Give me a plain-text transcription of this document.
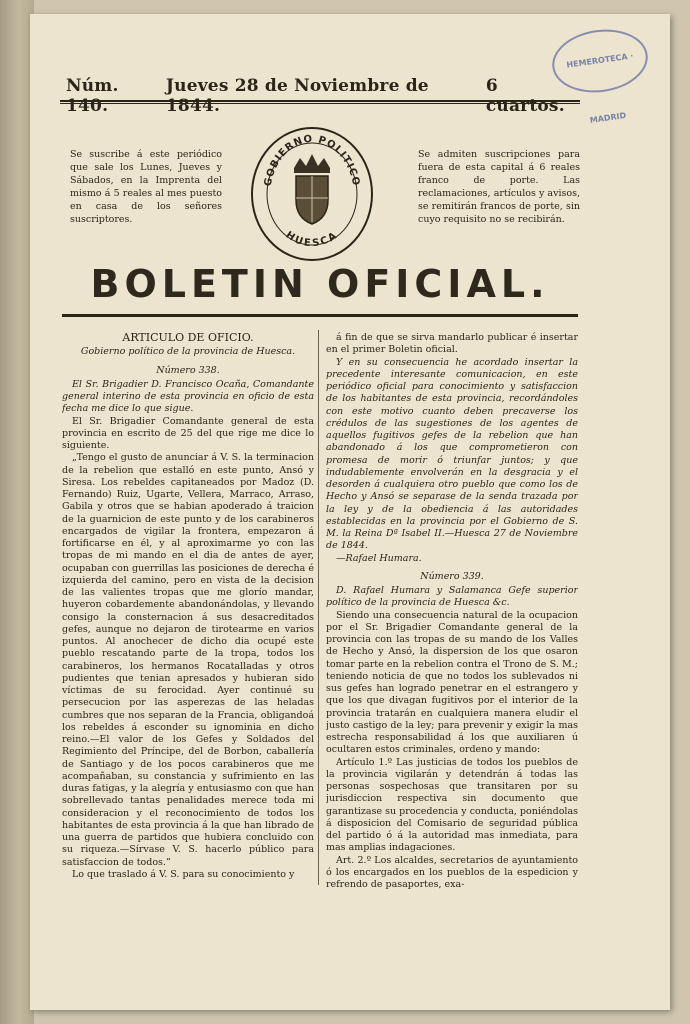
HEMEROTECA · MADRID
Núm. 140.
Jueves 28 de Noviembre de 1844.
6 cuartos.
Se suscribe á este periódico que sale los Lunes, Jueves y Sábados, en la Imprenta del mismo á 5 reales al mes puesto en casa de los señores suscriptores.
GOBIERNO POLITICO
HUESCA
Se admiten suscripciones para fuera de esta capital á 6 reales franco de porte. Las reclamaciones, artículos y avisos, se remitirán francos de porte, sin cuyo requisito no se recibirán.
BOLETIN OFICIAL.
ARTICULO DE OFICIO.
Gobierno político de la provincia de Huesca.
Número 338.

El Sr. Brigadier D. Francisco Ocaña, Comandante general interino de esta provincia en oficio de esta fecha me dice lo que sigue.

El Sr. Brigadier Comandante general de esta provincia en escrito de 25 del que rige me dice lo siguiente.

„Tengo el gusto de anunciar á V. S. la terminacion de la rebelion que estalló en este punto, Ansó y Siresa. Los rebeldes capitaneados por Madoz (D. Fernando) Ruiz, Ugarte, Vellera, Marraco, Arraso, Gabila y otros que se habian apoderado á traicion de la guarnicion de este punto y de los carabineros encargados de vigilar la frontera, empezaron á fortificarse en él, y al aproximarme yo con las tropas de mi mando en el dia de antes de ayer, ocupaban con guerrillas las posiciones de derecha é izquierda del camino, pero en vista de la decision de las valientes tropas que me glorío mandar, huyeron cobardemente abandonándolas, y llevando consigo la consternacion á sus desacreditados gefes, aunque no dejaron de tirotearme en varios puntos. Al anochecer de dicho dia ocupé este pueblo rescatando parte de la tropa, todos los carabineros, los hermanos Rocatalladas y otros pudientes que tenian apresados y hubieran sido víctimas de su ferocidad. Ayer continué su persecucion por las asperezas de las heladas cumbres que nos separan de la Francia, obligandoá los rebeldes á esconder su ignominia en dicho reino.—El valor de los Gefes y Soldados del Regimiento del Príncipe, del de Borbon, caballería de Santiago y de los pocos carabineros que me acompañaban, su constancia y sufrimiento en las duras fatigas, y la alegría y entusiasmo con que han sobrellevado tantas penalidades merece toda mi consideracion y el reconocimiento de todos los habitantes de esta provincia á la que han librado de una guerra de partidos que hubiera concluido con su riqueza.—Sírvase V. S. hacerlo público para satisfaccion de todos.”

Lo que traslado á V. S. para su conocimiento y

á fin de que se sirva mandarlo publicar é insertar en el primer Boletin oficial.

Y en su consecuencia he acordado insertar la precedente interesante comunicacion, en este periódico oficial para conocimiento y satisfaccion de los habitantes de esta provincia, recordándoles con este motivo cuanto deben precaverse los crédulos de las sugestiones de los agentes de aquellos fugitivos gefes de la rebelion que han abandonado á los que comprometieron con promesa de morir ó triunfar juntos; y que indudablemente envolverán en la desgracia y el desorden á cualquiera otro pueblo que como los de Hecho y Ansó se separase de la senda trazada por la ley y de la obediencia á las autoridades establecidas en la provincia por el Gobierno de S. M. la Reina Dª Isabel II.—Huesca 27 de Noviembre de 1844.

—Rafael Humara.

Número 339.

D. Rafael Humara y Salamanca Gefe superior político de la provincia de Huesca &c.

Siendo una consecuencia natural de la ocupacion por el Sr. Brigadier Comandante general de la provincia con las tropas de su mando de los Valles de Hecho y Ansó, la dispersion de los que osaron tomar parte en la rebelion contra el Trono de S. M.; teniendo noticia de que no todos los sublevados ni sus gefes han logrado penetrar en el estrangero y que los que divagan fugitivos por el interior de la provincia tratarán en cualquiera manera eludir el justo castigo de la ley; para prevenir y exigir la mas estrecha responsabilidad á los que auxiliaren ú ocultaren estos criminales, ordeno y mando:

Artículo 1.º Las justicias de todos los pueblos de la provincia vigilarán y detendrán á todas las personas sospechosas que transitaren por su jurisdiccion respectiva sin documento que garantizase su procedencia y conducta, poniéndolas á disposicion del Comisario de seguridad pública del partido ó á la autoridad mas inmediata, para mas amplias indagaciones.

Art. 2.º Los alcaldes, secretarios de ayuntamiento ó los encargados en los pueblos de la espedicion y refrendo de pasaportes, exa-
